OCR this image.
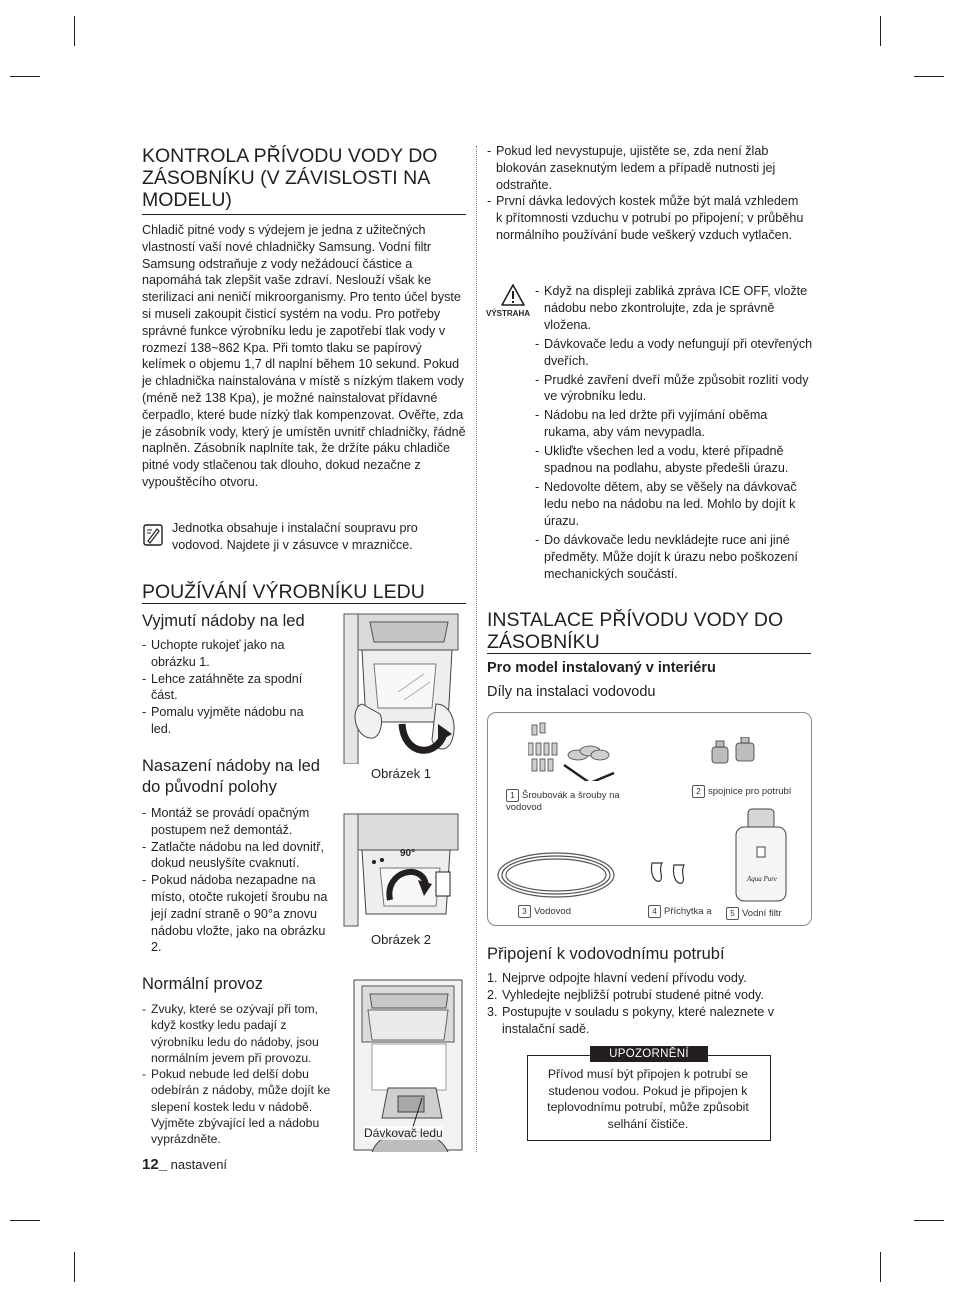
KONTROLA PŘÍVODU VODY DO ZÁSOBNÍKU (V ZÁVISLOSTI NA MODELU)

Chladič pitné vody s výdejem je jedna z užitečných vlastností vaší nové chladničky Samsung. Vodní filtr Samsung odstraňuje z vody nežádoucí částice a napomáhá tak zlepšit vaše zdraví. Neslouží však ke sterilizaci ani neničí mikroorganismy. Pro tento účel byste si museli zakoupit čisticí systém na vodu. Pro potřeby správné funkce výrobníku ledu je zapotřebí tlak vody v rozmezí 138~862 Kpa. Při tomto tlaku se papírový kelímek o objemu 1,7 dl naplní během 10 sekund. Pokud je chladnička nainstalována v místě s nízkým tlakem vody (méně než 138 Kpa), je možné nainstalovat přídavné čerpadlo, které bude nízký tlak kompenzovat. Ověřte, zda je zásobník vody, který je umístěn uvnitř chladničky, řádně naplněn. Zásobník naplníte tak, že držíte páku chladiče pitné vody stlačenou tak dlouho, dokud nezačne z vypouštěcího otvoru.

Jednotka obsahuje i instalační soupravu pro vodovod. Najdete ji v zásuvce v mrazničce.

POUŽÍVÁNÍ VÝROBNÍKU LEDU

Vyjmutí nádoby na led

- Uchopte rukojeť jako na obrázku 1.
- Lehce zatáhněte za spodní část.
- Pomalu vyjměte nádobu na led.

Nasazení nádoby na led do původní polohy

- Montáž se provádí opačným postupem než demontáž.
- Zatlačte nádobu na led dovnitř, dokud neuslyšíte cvaknutí.
- Pokud nádoba nezapadne na místo, otočte rukojetí šroubu na její zadní straně o 90°a znovu nádobu vložte, jako na obrázku 2.

Normální provoz

- Zvuky, které se ozývají při tom, když kostky ledu padají z výrobníku ledu do nádoby, jsou normálním jevem při provozu.
- Pokud nebude led delší dobu odebírán z nádoby, může dojít ke slepení kostek ledu v nádobě. Vyjměte zbývající led a nádobu vyprázdněte.
Obrázek 1
90°
Obrázek 2
Dávkovač ledu
12_ nastavení
- Pokud led nevystupuje, ujistěte se, zda není žlab blokován zaseknutým ledem a případě nutnosti jej odstraňte.
- První dávka ledových kostek může být malá vzhledem k přítomnosti vzduchu v potrubí po připojení; v průběhu normálního používání bude veškerý vzduch vytlačen.
VÝSTRAHA
- Když na displeji zabliká zpráva ICE OFF, vložte nádobu nebo zkontrolujte, zda je správně vložena.
- Dávkovače ledu a vody nefungují při otevřených dveřích.
- Prudké zavření dveří může způsobit rozlití vody ve výrobníku ledu.
- Nádobu na led držte při vyjímání oběma rukama, aby vám nevypadla.
- Ukliďte všechen led a vodu, které případně spadnou na podlahu, abyste předešli úrazu.
- Nedovolte dětem, aby se věšely na dávkovač ledu nebo na nádobu na led. Mohlo by dojít k úrazu.
- Do dávkovače ledu nevkládejte ruce ani jiné předměty. Může dojít k úrazu nebo poškození mechanických součástí.
INSTALACE PŘÍVODU VODY DO ZÁSOBNÍKU
Pro model instalovaný v interiéru
Díly na instalaci vodovodu
1 Šroubovák a šrouby na vodovod
2 spojnice pro potrubí
3 Vodovod	4 Příchytka a
Aqua Pure
5 Vodní filtr

Připojení k vodovodnímu potrubí

1. Nejprve odpojte hlavní vedení přívodu vody.
2. Vyhledejte nejbližší potrubí studené pitné vody.
3. Postupujte v souladu s pokyny, které naleznete v instalační sadě.
UPOZORNĚNÍ

Přívod musí být připojen k potrubí se studenou vodou. Pokud je připojen k teplovodnímu potrubí, může způsobit selhání čističe.
